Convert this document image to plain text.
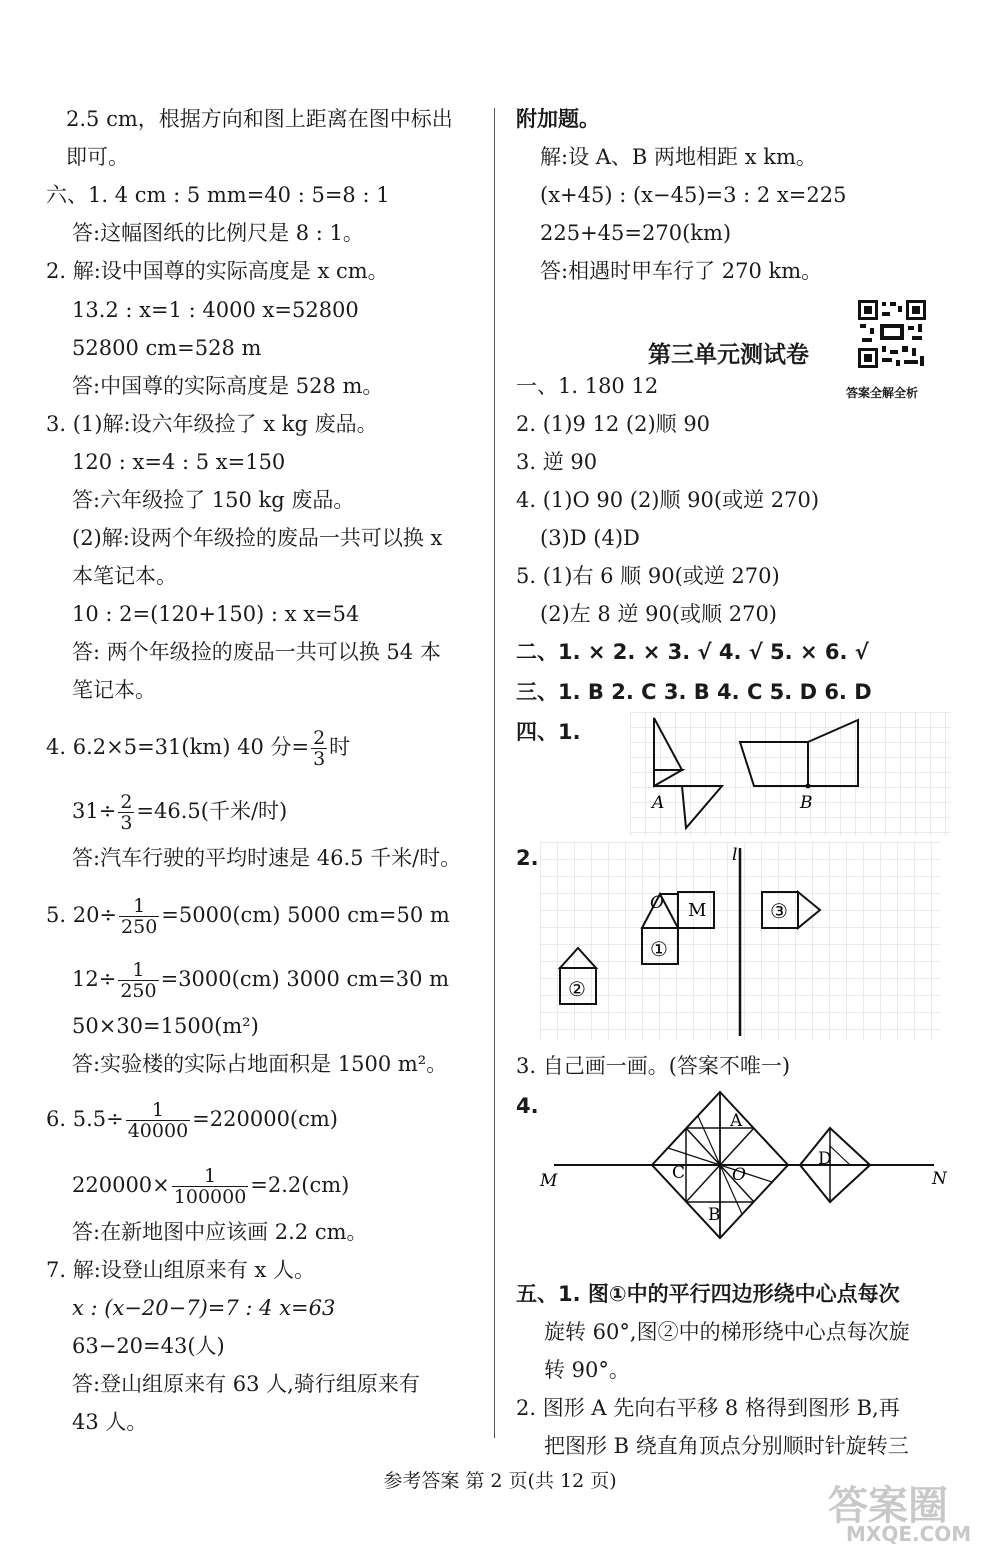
2.5 cm，根据方向和图上距离在图中标出
即可。
六、1. 4 cm : 5 mm=40 : 5=8 : 1
答:这幅图纸的比例尺是 8 : 1。
2. 解:设中国尊的实际高度是 x cm。
13.2 : x=1 : 4000 x=52800
52800 cm=528 m
答:中国尊的实际高度是 528 m。
3. (1)解:设六年级捡了 x kg 废品。
120 : x=4 : 5 x=150
答:六年级捡了 150 kg 废品。
(2)解:设两个年级捡的废品一共可以换 x
本笔记本。
10 : 2=(120+150) : x x=54
答: 两个年级捡的废品一共可以换 54 本
笔记本。
4. 6.2×5=31(km) 40 分= $\frac{2}{3}$ 时
$31\div \frac{2}{3} =46.5$(千米/时)
答:汽车行驶的平均时速是 46.5 千米/时。
5. $20\div \frac{1}{250} =5000(cm)$ 5000 cm=50 m
$12\div \frac{1}{250} =3000(cm)$ 3000 cm=30 m
50×30=1500(m²)
答:实验楼的实际占地面积是 1500 m²。
6. $5.5\div \frac{1}{40000} =220000(cm)$
$220000\times \frac{1}{100000} =2.2(cm)$
答:在新地图中应该画 2.2 cm。
7. 解:设登山组原来有 x 人。
x : (x−20−7)=7 : 4 x=63
63−20=43(人)
答:登山组原来有 63 人,骑行组原来有
43 人。
附加题。
解:设 A、B 两地相距 x km。
(x+45) : (x−45)=3 : 2 x=225
225+45=270(km)
答:相遇时甲车行了 270 km。
第三单元测试卷
答案全解全析
一、1. 180 12
2. (1)9 12 (2)顺 90
3. 逆 90
4. (1)O 90 (2)顺 90(或逆 270)
(3)D (4)D
5. (1)右 6 顺 90(或逆 270)
(2)左 8 逆 90(或顺 270)
二、1. × 2. × 3. √ 4. √ 5. × 6. √
三、1. B 2. C 3. B 4. C 5. D 6. D
四、1.
A	B
2.	l
O M
①
②
③
3. 自己画一画。(答案不唯一)
4.
M	N
A
B
C	O
D
五、1. 图①中的平行四边形绕中心点每次
旋转 60°,图②中的梯形绕中心点每次旋
转 90°。
2. 图形 A 先向右平移 8 格得到图形 B,再
把图形 B 绕直角顶点分别顺时针旋转三
参考答案 第 2 页(共 12 页)
答案圈
MXQE.COM
